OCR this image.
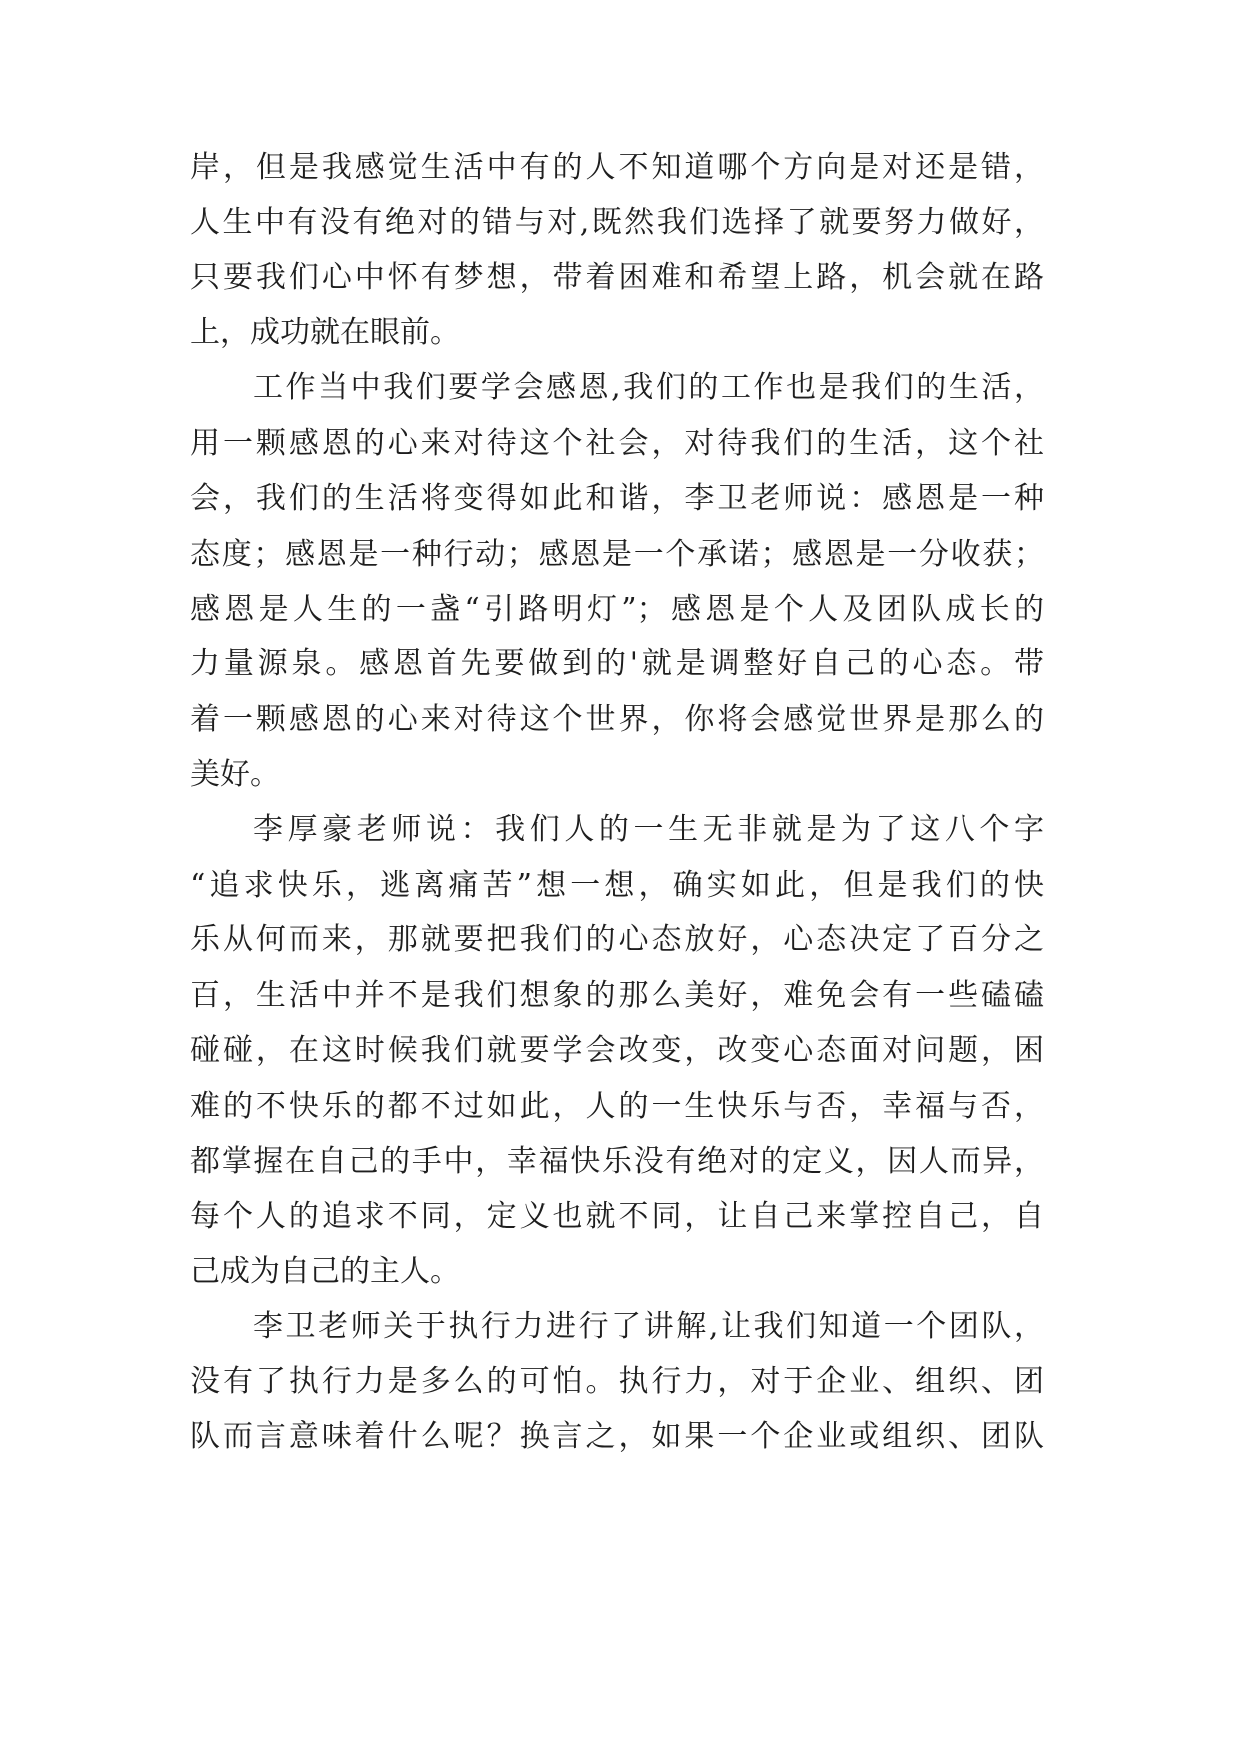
岸，但是我感觉生活中有的人不知道哪个方向是对还是错，

人生中有没有绝对的错与对,既然我们选择了就要努力做好，

只要我们心中怀有梦想，带着困难和希望上路，机会就在路

上，成功就在眼前。

工作当中我们要学会感恩,我们的工作也是我们的生活，

用一颗感恩的心来对待这个社会，对待我们的生活，这个社

会，我们的生活将变得如此和谐，李卫老师说：感恩是一种

态度；感恩是一种行动；感恩是一个承诺；感恩是一分收获；

感恩是人生的一盏“引路明灯”；感恩是个人及团队成长的

力量源泉。感恩首先要做到的'就是调整好自己的心态。带

着一颗感恩的心来对待这个世界，你将会感觉世界是那么的

美好。

李厚豪老师说：我们人的一生无非就是为了这八个字

“追求快乐，逃离痛苦”想一想，确实如此，但是我们的快

乐从何而来，那就要把我们的心态放好，心态决定了百分之

百，生活中并不是我们想象的那么美好，难免会有一些磕磕

碰碰，在这时候我们就要学会改变，改变心态面对问题，困

难的不快乐的都不过如此，人的一生快乐与否，幸福与否，

都掌握在自己的手中，幸福快乐没有绝对的定义，因人而异，

每个人的追求不同，定义也就不同，让自己来掌控自己，自

己成为自己的主人。

李卫老师关于执行力进行了讲解,让我们知道一个团队，

没有了执行力是多么的可怕。执行力，对于企业、组织、团

队而言意味着什么呢？换言之，如果一个企业或组织、团队
